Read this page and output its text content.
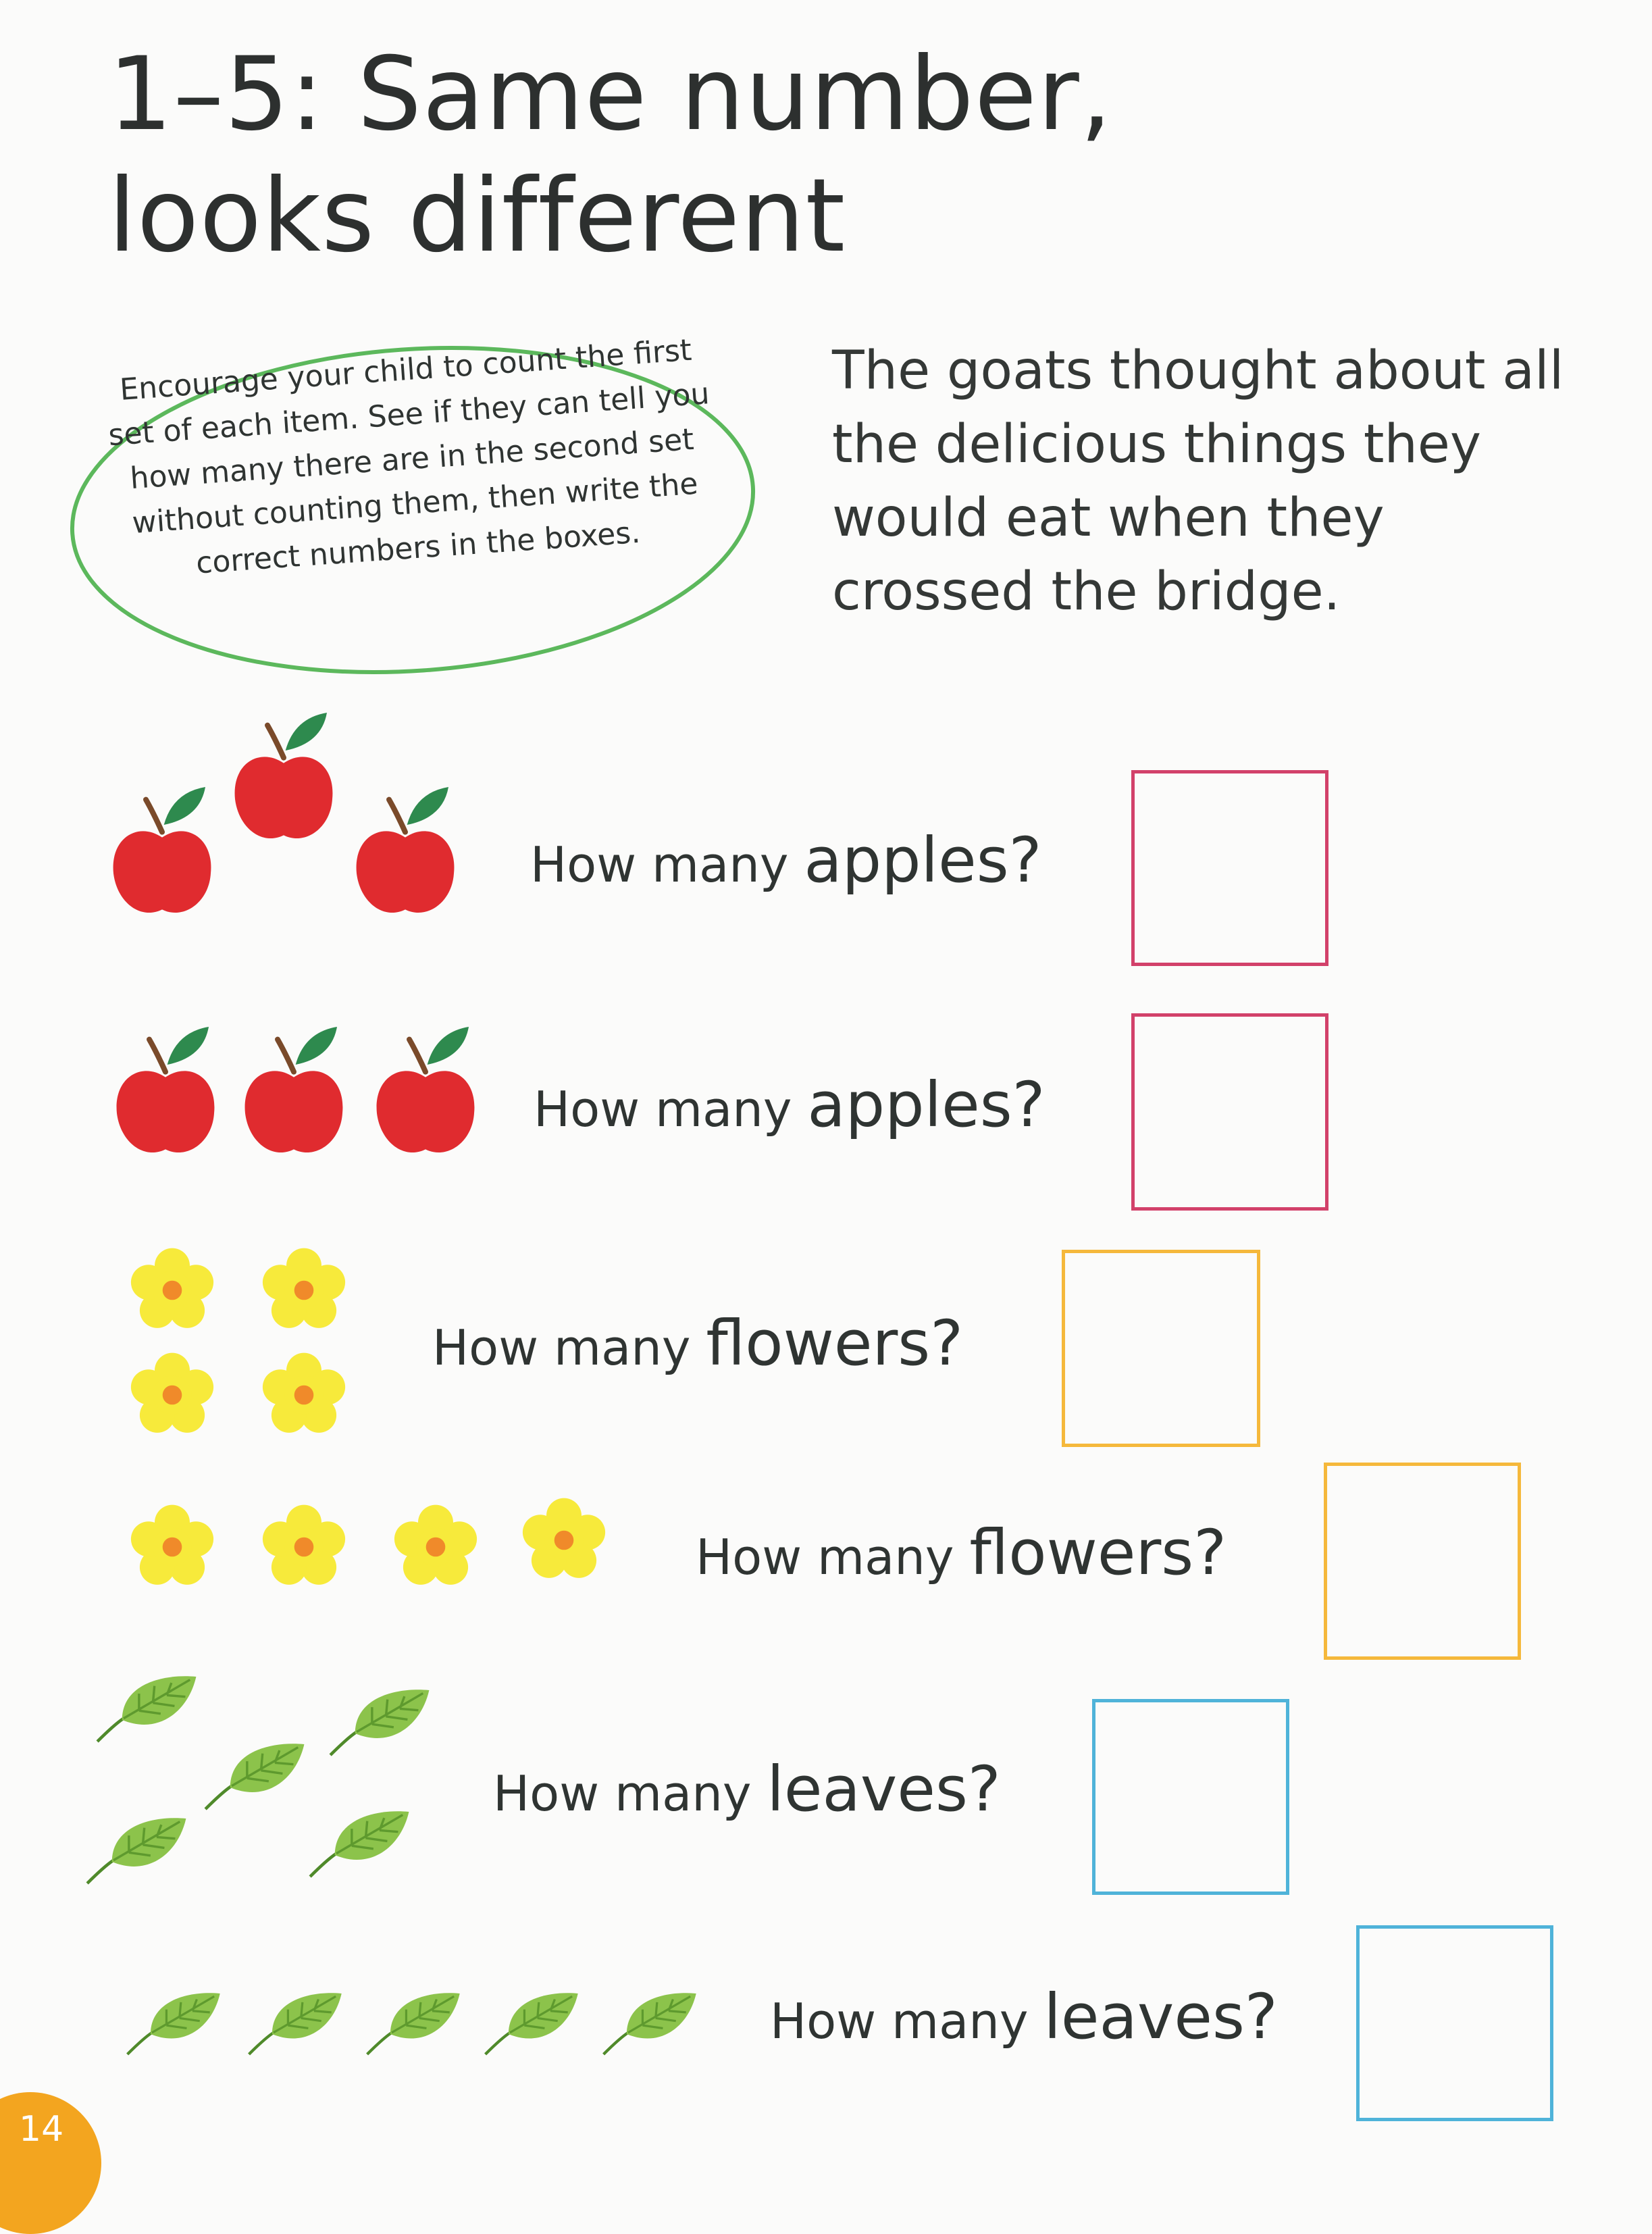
1–5: Same number,
looks different
Encourage your child to count the first set of each item. See if they can tell you how many there are in the second set without counting them, then write the correct numbers in the boxes.

The goats thought about all the delicious things they would eat when they crossed the bridge.

How many apples?
How many apples?
How many flowers?
How many flowers?
How many leaves?
How many leaves?
14
